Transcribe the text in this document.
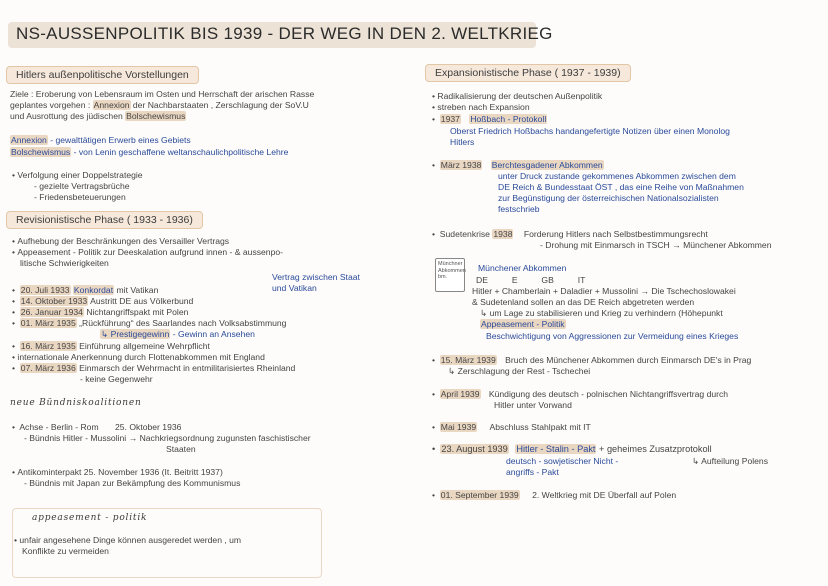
NS-AUSSENPOLITIK BIS 1939 - DER WEG IN DEN 2. WELTKRIEG
Hitlers außenpolitische Vorstellungen
Ziele : Eroberung von Lebensraum im Osten und Herrschaft der arischen Rasse
geplantes vorgehen : Annexion der Nachbarstaaten , Zerschlagung der SoV.U
und Ausrottung des jüdischen Bolschewismus
Annexion - gewalttätigen Erwerb eines Gebiets
Bolschewismus - von Lenin geschaffene weltanschaulichpolitische Lehre
• Verfolgung einer Doppelstrategie
- gezielte Vertragsbrüche
- Friedensbeteuerungen
Revisionistische Phase ( 1933 - 1936)
• Aufhebung der Beschränkungen des Versailler Vertrags
• Appeasement - Politik zur Deeskalation aufgrund innen - & aussenpo-
litische Schwierigkeiten
Vertrag zwischen Staat
und Vatikan
• 20. Juli 1933 Konkordat mit Vatikan
• 14. Oktober 1933 Austritt DE aus Völkerbund
• 26. Januar 1934 Nichtangriffspakt mit Polen
• 01. März 1935 „Rückführung“ des Saarlandes nach Volksabstimmung
↳ Prestigegewinn - Gewinn an Ansehen
• 16. März 1935 Einführung allgemeine Wehrpflicht
• internationale Anerkennung durch Flottenabkommen mit England
• 07. März 1936 Einmarsch der Wehrmacht in entmilitarisiertes Rheinland
- keine Gegenwehr
neue Bündniskoalitionen
• Achse - Berlin - Rom 25. Oktober 1936
- Bündnis Hitler - Mussolini → Nachkriegsordnung zugunsten faschistischer
Staaten
• Antikominterpakt 25. November 1936 (It. Beitritt 1937)
- Bündnis mit Japan zur Bekämpfung des Kommunismus
appeasement - politik
• unfair angesehene Dinge können ausgeredet werden , um
Konflikte zu vermeiden
Expansionistische Phase ( 1937 - 1939)
• Radikalisierung der deutschen Außenpolitik
• streben nach Expansion
• 1937 Hoßbach - Protokoll
Oberst Friedrich Hoßbachs handangefertigte Notizen über einen Monolog
Hitlers
• März 1938 Berchtesgadener Abkommen
unter Druck zustande gekommenes Abkommen zwischen dem
DE Reich & Bundesstaat ÖST , das eine Reihe von Maßnahmen
zur Begünstigung der österreichischen Nationalsozialisten
festschrieb
• Sudetenkrise 1938 Forderung Hitlers nach Selbstbestimmungsrecht
- Drohung mit Einmarsch in TSCH → Münchener Abkommen
Münchner Abkommen bm.
Münchener Abkommen
DE          E          GB          IT
Hitler + Chamberlain + Daladier + Mussolini → Die Tschechoslowakei
& Sudetenland sollen an das DE Reich abgetreten werden
↳ um Lage zu stabilisieren und Krieg zu verhindern (Höhepunkt
Appeasement - Politik
Beschwichtigung von Aggressionen zur Vermeidung eines Krieges
• 15. März 1939 Bruch des Münchener Abkommen durch Einmarsch DE's in Prag
↳ Zerschlagung der Rest - Tschechei
• April 1939 Kündigung des deutsch - polnischen Nichtangriffsvertrag durch
Hitler unter Vorwand
• Mai 1939 Abschluss Stahlpakt mit IT
• 23. August 1939 Hitler - Stalin - Pakt + geheimes Zusatzprotokoll
deutsch - sowjetischer Nicht -
angriffs - Pakt
↳ Aufteilung Polens
• 01. September 1939 2. Weltkrieg mit DE Überfall auf Polen
